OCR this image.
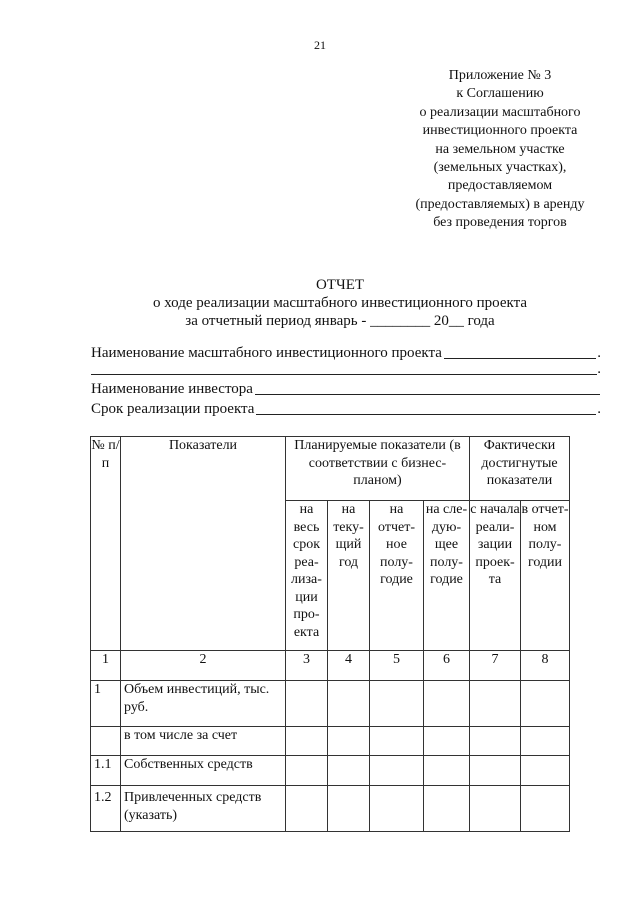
21
Приложение № 3
к Соглашению
о реализации масштабного
инвестиционного проекта
на земельном участке
(земельных участках),
предоставляемом
(предоставляемых) в аренду
без проведения торгов
ОТЧЕТ
о ходе реализации масштабного инвестиционного проекта
за отчетный период январь - ________ 20__ года
Наименование масштабного инвестиционного проекта	.
.
Наименование инвестора
Срок реализации проекта	.
№ п/п	Показатели	Планируемые показатели (в соответствии с бизнес-планом)				Фактически достигнутые показатели	
		на весь срок реа-лиза-ции про-екта	на теку-щий год	на отчет-ное полу-годие	на сле-дую-щее полу-годие	с начала реали-зации проек-та	в отчет-ном полу-годии
1	2	3	4	5	6	7	8
1	Объем инвестиций, тыс. руб.						
	в том числе за счет						
1.1	Собственных средств						
1.2	Привлеченных средств (указать)						
